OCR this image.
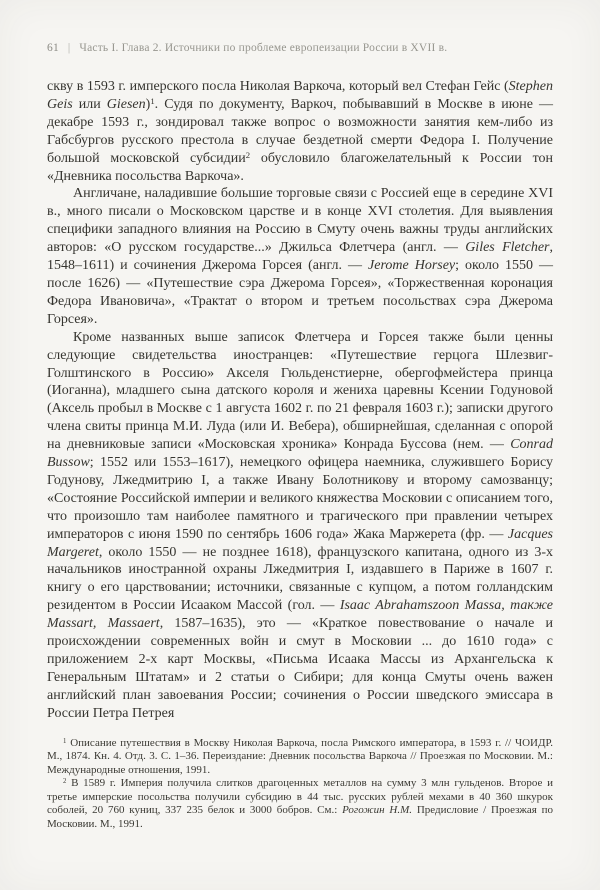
61 | Часть I. Глава 2. Источники по проблеме европеизации России в XVII в.

скву в 1593 г. имперского посла Николая Варкоча, который вел Стефан Гейс (Stephen Geis или Giesen)$^1$. Судя по документу, Варкоч, побывавший в Москве в июне — декабре 1593 г., зондировал также вопрос о возможности занятия кем-либо из Габсбургов русского престола в случае бездетной смерти Федора I. Получение большой московской субсидии$^2$ обусловило благожелательный к России тон «Дневника посольства Варкоча».

Англичане, наладившие большие торговые связи с Россией еще в середине XVI в., много писали о Московском царстве и в конце XVI столетия. Для выявления специфики западного влияния на Россию в Смуту очень важны труды английских авторов: «О русском государстве...» Джильса Флетчера (англ. — Giles Fletcher, 1548–1611) и сочинения Джерома Горсея (англ. — Jerome Horsey; около 1550 — после 1626) — «Путешествие сэра Джерома Горсея», «Торжественная коронация Федора Ивановича», «Трактат о втором и третьем посольствах сэра Джерома Горсея».

Кроме названных выше записок Флетчера и Горсея также были ценны следующие свидетельства иностранцев: «Путешествие герцога Шлезвиг-Голштинского в Россию» Акселя Гюльденстиерне, обергофмейстера принца (Иоганна), младшего сына датского короля и жениха царевны Ксении Годуновой (Аксель пробыл в Москве с 1 августа 1602 г. по 21 февраля 1603 г.); записки другого члена свиты принца М.И. Луда (или И. Вебера), обширнейшая, сделанная с опорой на дневниковые записи «Московская хроника» Конрада Буссова (нем. — Conrad Bussow; 1552 или 1553–1617), немецкого офицера наемника, служившего Борису Годунову, Лжедмитрию I, а также Ивану Болотникову и второму самозванцу; «Состояние Российской империи и великого княжества Московии с описанием того, что произошло там наиболее памятного и трагического при правлении четырех императоров с июня 1590 по сентябрь 1606 года» Жака Маржерета (фр. — Jacques Margeret, около 1550 — не позднее 1618), французского капитана, одного из 3-х начальников иностранной охраны Лжедмитрия I, издавшего в Париже в 1607 г. книгу о его царствовании; источники, связанные с купцом, а потом голландским резидентом в России Исааком Массой (гол. — Isaac Abrahamszoon Massa, также Massart, Massaert, 1587–1635), это — «Краткое повествование о начале и происхождении современных войн и смут в Московии ... до 1610 года» с приложением 2-х карт Москвы, «Письма Исаака Массы из Архангельска к Генеральным Штатам» и 2 статьи о Сибири; для конца Смуты очень важен английский план завоевания России; сочинения о России шведского эмиссара в России Петра Петрея

$^1$ Описание путешествия в Москву Николая Варкоча, посла Римского императора, в 1593 г. // ЧОИДР. М., 1874. Кн. 4. Отд. 3. С. 1–36. Переиздание: Дневник посольства Варкоча // Проезжая по Московии. М.: Международные отношения, 1991.

$^2$ В 1589 г. Империя получила слитков драгоценных металлов на сумму 3 млн гульденов. Второе и третье имперские посольства получили субсидию в 44 тыс. русских рублей мехами в 40 360 шкурок соболей, 20 760 куниц, 337 235 белок и 3000 бобров. См.: Рогожин Н.М. Предисловие / Проезжая по Московии. М., 1991.
